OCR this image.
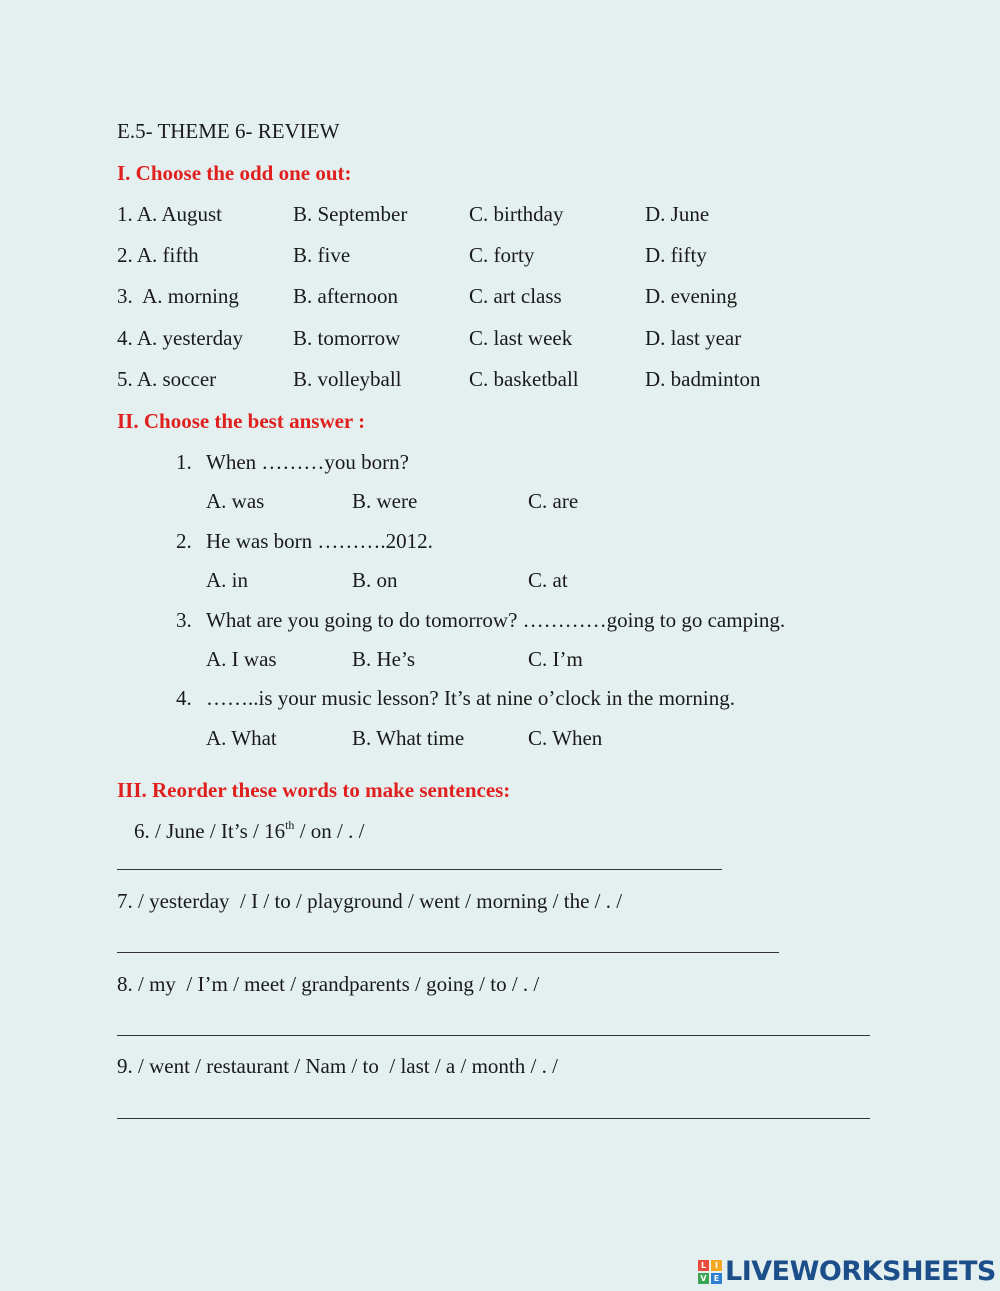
E.5- THEME 6- REVIEW
I. Choose the odd one out:
1. A. August	B. September	C. birthday	D. June
2. A. fifth	B. five	C. forty	D. fifty
3.  A. morning	B. afternoon	C. art class	D. evening
4. A. yesterday B. tomorrow	C. last week	D. last year
5. A. soccer	B. volleyball	C. basketball	D. badminton
II. Choose the best answer :
1. When ………you born?
A. was	B. were	C. are
2. He was born ……….2012.
A. in	B. on	C. at
3. What are you going to do tomorrow? …………going to go camping.
A. I was	B. He’s	C. I’m
4. ……..is your music lesson? It’s at nine o’clock in the morning.
A. What	B. What time	C. When
III. Reorder these words to make sentences:
6. / June / It’s / 16th / on / . /
7. / yesterday  / I / to / playground / went / morning / the / . /
8. / my  / I’m / meet / grandparents / going / to / . /
9. / went / restaurant / Nam / to  / last / a / month / . /
L	I
V E LIVEWORKSHEETS
